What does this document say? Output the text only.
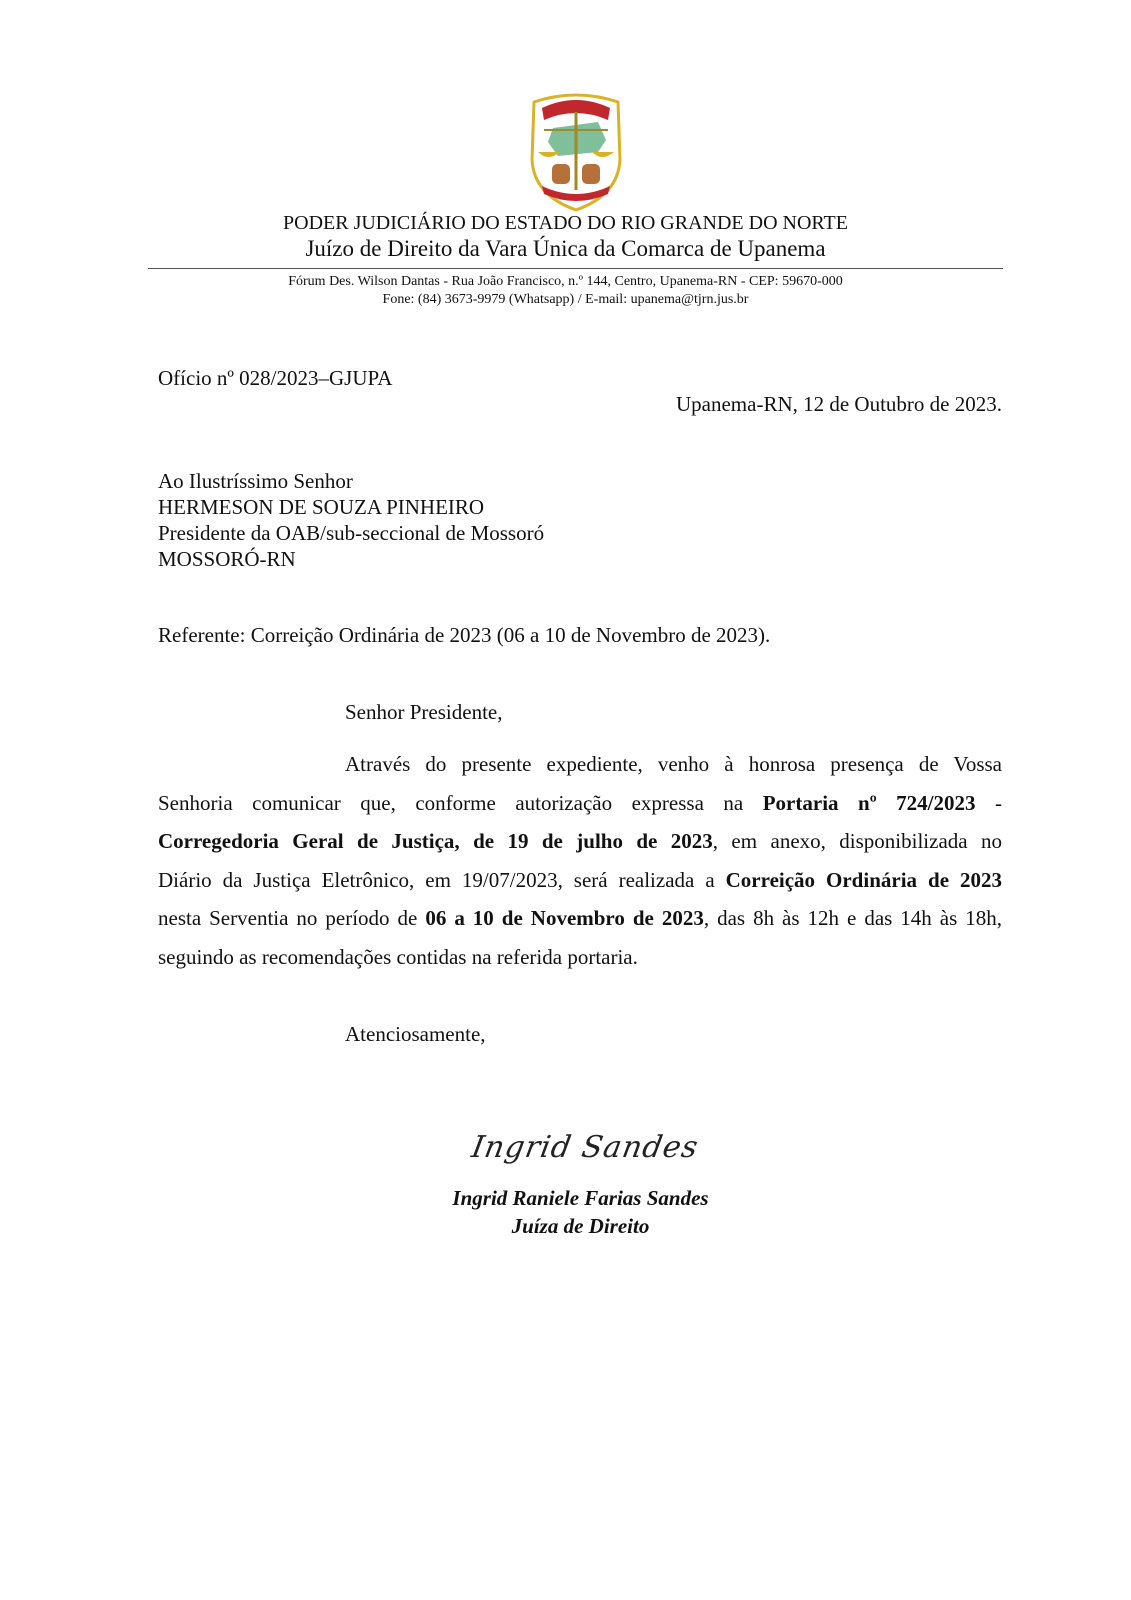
PODER JUDICIÁRIO DO ESTADO DO RIO GRANDE DO NORTE
Juízo de Direito da Vara Única da Comarca de Upanema
Fórum Des. Wilson Dantas - Rua João Francisco, n.º 144, Centro, Upanema-RN - CEP: 59670-000
Fone: (84) 3673-9979 (Whatsapp) / E-mail: upanema@tjrn.jus.br
Ofício nº 028/2023–GJUPA
Upanema-RN, 12 de Outubro de 2023.
Ao Ilustríssimo Senhor
HERMESON DE SOUZA PINHEIRO
Presidente da OAB/sub-seccional de Mossoró
MOSSORÓ-RN
Referente: Correição Ordinária de 2023 (06 a 10 de Novembro de 2023).
Senhor Presidente,
Através do presente expediente, venho à honrosa presença de Vossa
Senhoria comunicar que, conforme autorização expressa na Portaria nº 724/2023 -
Corregedoria Geral de Justiça, de 19 de julho de 2023, em anexo, disponibilizada no
Diário da Justiça Eletrônico, em 19/07/2023, será realizada a Correição Ordinária de 2023
nesta Serventia no período de 06 a 10 de Novembro de 2023, das 8h às 12h e das 14h às 18h,
seguindo as recomendações contidas na referida portaria.
Atenciosamente,
Ingrid Sandes
Ingrid Raniele Farias Sandes
Juíza de Direito
